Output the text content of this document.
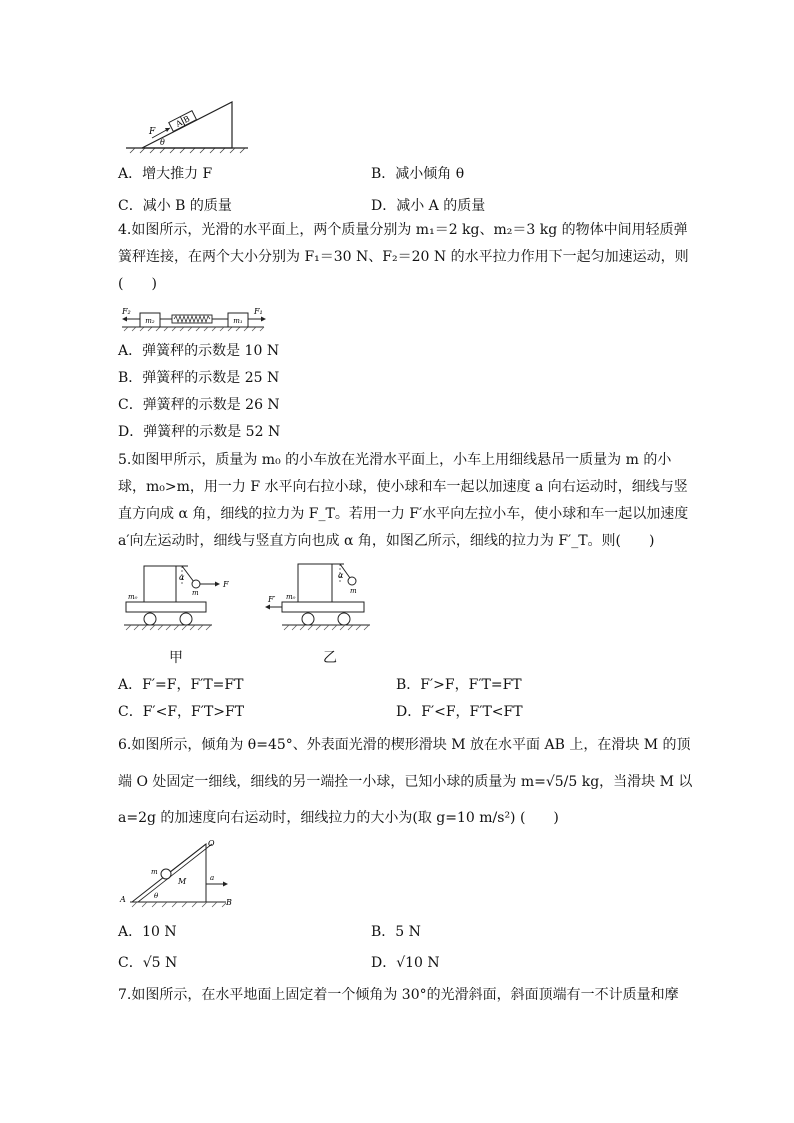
A|B
F
θ
A．增大推力 F	B．减小倾角 θ
C．减小 B 的质量	D．减小 A 的质量
4.如图所示，光滑的水平面上，两个质量分别为 m₁＝2 kg、m₂＝3 kg 的物体中间用轻质弹
簧秤连接，在两个大小分别为 F₁＝30 N、F₂＝20 N 的水平拉力作用下一起匀加速运动，则
(　　)
F₂
m₂	m₁
F₁
A．弹簧秤的示数是 10 N
B．弹簧秤的示数是 25 N
C．弹簧秤的示数是 26 N
D．弹簧秤的示数是 52 N
5.如图甲所示，质量为 m₀ 的小车放在光滑水平面上，小车上用细线悬吊一质量为 m 的小
球，m₀>m，用一力 F 水平向右拉小球，使小球和车一起以加速度 a 向右运动时，细线与竖
直方向成 α 角，细线的拉力为 F_T。若用一力 F′水平向左拉小车，使小球和车一起以加速度
a′向左运动时，细线与竖直方向也成 α 角，如图乙所示，细线的拉力为 F′_T。则(　　)
F
α
m
m₀
α
m
m₀
F′
甲	乙
A．F′=F，F′T=FT	B．F′>F，F′T=FT
C．F′<F，F′T>FT	D．F′<F，F′T<FT
6.如图所示，倾角为 θ=45°、外表面光滑的楔形滑块 M 放在水平面 AB 上，在滑块 M 的顶
端 O 处固定一细线，细线的另一端拴一小球，已知小球的质量为 m=√5/5 kg，当滑块 M 以
a=2g 的加速度向右运动时，细线拉力的大小为(取 g=10 m/s²) (　　)
O
m
M	a
θ
A	B
A．10 N	B．5 N
C．√5 N	D．√10 N
7.如图所示，在水平地面上固定着一个倾角为 30°的光滑斜面，斜面顶端有一不计质量和摩
